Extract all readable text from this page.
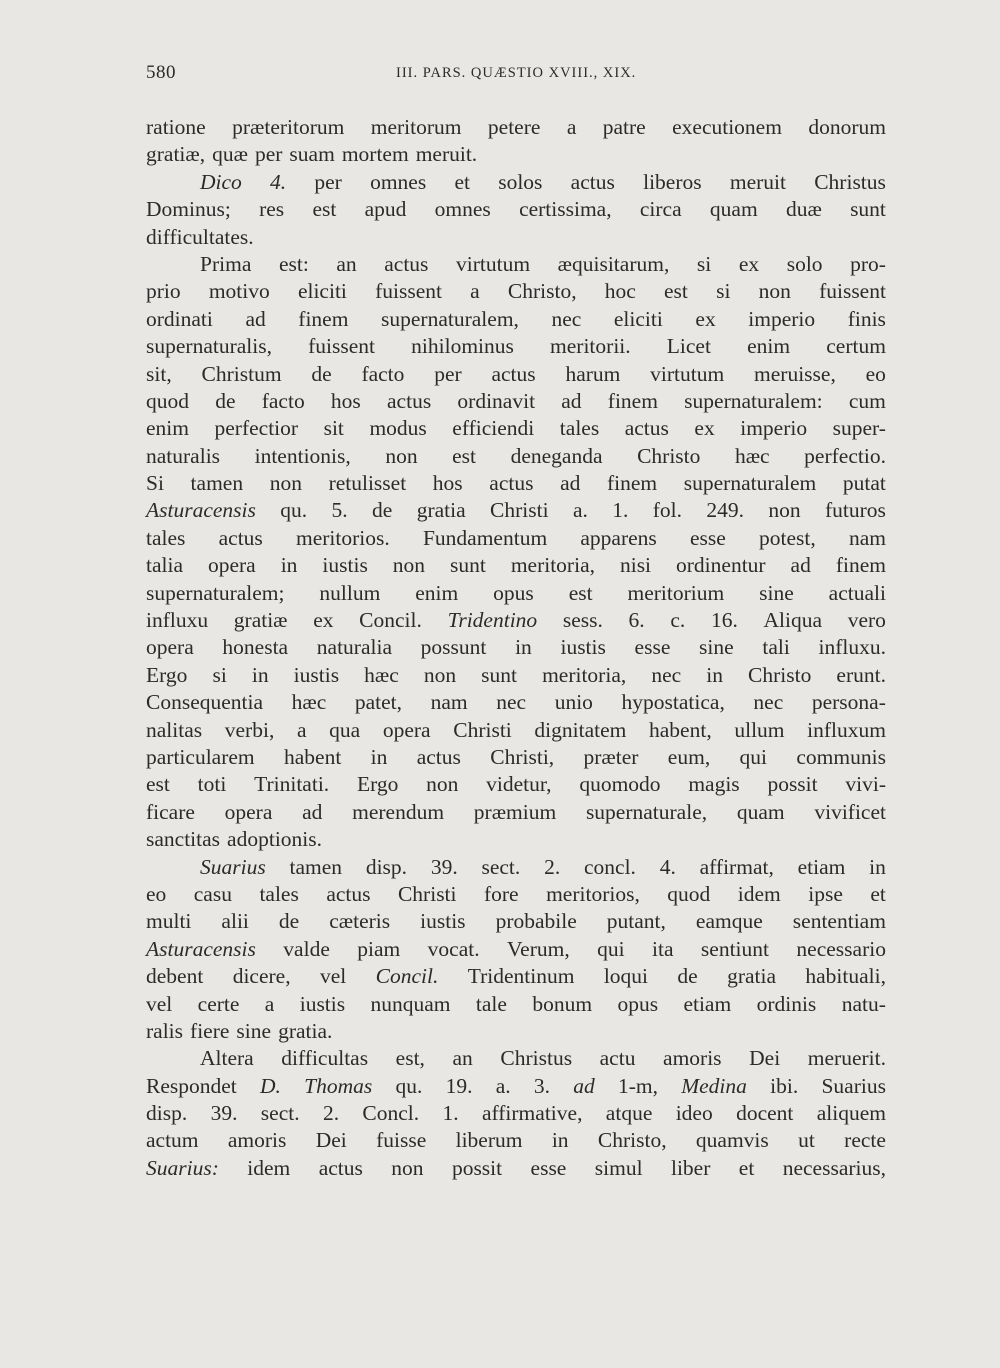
580	III. PARS. QUÆSTIO XVIII., XIX.
ratione præteritorum meritorum petere a patre executionem donorum
gratiæ, quæ per suam mortem meruit.
Dico 4. per omnes et solos actus liberos meruit Christus
Dominus; res est apud omnes certissima, circa quam duæ sunt
difficultates.
Prima est: an actus virtutum æquisitarum, si ex solo pro-
prio motivo eliciti fuissent a Christo, hoc est si non fuissent
ordinati ad finem supernaturalem, nec eliciti ex imperio finis
supernaturalis, fuissent nihilominus meritorii. Licet enim certum
sit, Christum de facto per actus harum virtutum meruisse, eo
quod de facto hos actus ordinavit ad finem supernaturalem: cum
enim perfectior sit modus efficiendi tales actus ex imperio super-
naturalis intentionis, non est deneganda Christo hæc perfectio.
Si tamen non retulisset hos actus ad finem supernaturalem putat
Asturacensis qu. 5. de gratia Christi a. 1. fol. 249. non futuros
tales actus meritorios. Fundamentum apparens esse potest, nam
talia opera in iustis non sunt meritoria, nisi ordinentur ad finem
supernaturalem; nullum enim opus est meritorium sine actuali
influxu gratiæ ex Concil. Tridentino sess. 6. c. 16. Aliqua vero
opera honesta naturalia possunt in iustis esse sine tali influxu.
Ergo si in iustis hæc non sunt meritoria, nec in Christo erunt.
Consequentia hæc patet, nam nec unio hypostatica, nec persona-
nalitas verbi, a qua opera Christi dignitatem habent, ullum influxum
particularem habent in actus Christi, præter eum, qui communis
est toti Trinitati. Ergo non videtur, quomodo magis possit vivi-
ficare opera ad merendum præmium supernaturale, quam vivificet
sanctitas adoptionis.
Suarius tamen disp. 39. sect. 2. concl. 4. affirmat, etiam in
eo casu tales actus Christi fore meritorios, quod idem ipse et
multi alii de cæteris iustis probabile putant, eamque sententiam
Asturacensis valde piam vocat. Verum, qui ita sentiunt necessario
debent dicere, vel Concil. Tridentinum loqui de gratia habituali,
vel certe a iustis nunquam tale bonum opus etiam ordinis natu-
ralis fiere sine gratia.
Altera difficultas est, an Christus actu amoris Dei meruerit.
Respondet D. Thomas qu. 19. a. 3. ad 1-m, Medina ibi. Suarius
disp. 39. sect. 2. Concl. 1. affirmative, atque ideo docent aliquem
actum amoris Dei fuisse liberum in Christo, quamvis ut recte
Suarius: idem actus non possit esse simul liber et necessarius,
